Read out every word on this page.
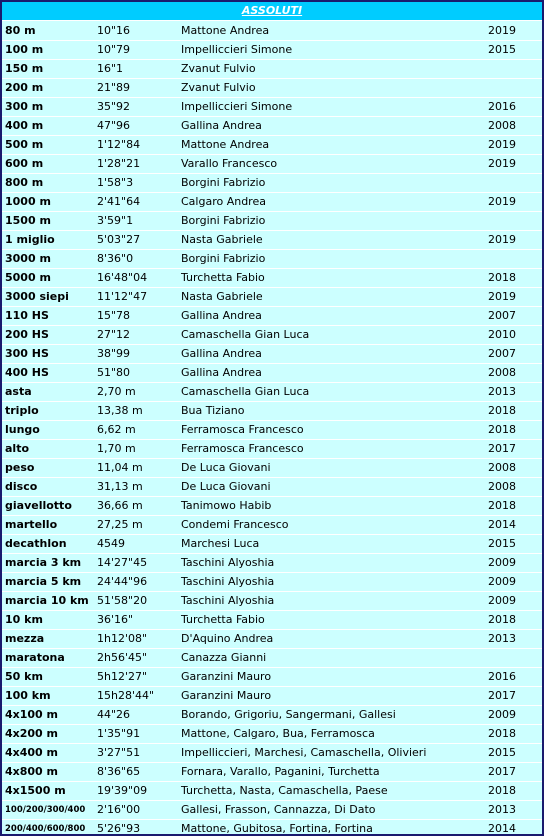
ASSOLUTI
80 m	10"16	Mattone Andrea	2019
100 m	10"79	Impelliccieri Simone	2015
150 m	16"1	Zvanut Fulvio	
200 m	21"89	Zvanut Fulvio	
300 m	35"92	Impelliccieri Simone	2016
400 m	47"96	Gallina Andrea	2008
500 m	1'12"84	Mattone Andrea	2019
600 m	1'28"21	Varallo Francesco	2019
800 m	1'58"3	Borgini Fabrizio	
1000 m	2'41"64	Calgaro Andrea	2019
1500 m	3'59"1	Borgini Fabrizio	
1 miglio	5'03"27	Nasta Gabriele	2019
3000 m	8'36"0	Borgini Fabrizio	
5000 m	16'48"04	Turchetta Fabio	2018
3000 siepi	11'12"47	Nasta Gabriele	2019
110 HS	15"78	Gallina Andrea	2007
200 HS	27"12	Camaschella Gian Luca	2010
300 HS	38"99	Gallina Andrea	2007
400 HS	51"80	Gallina Andrea	2008
asta	2,70 m	Camaschella Gian Luca	2013
triplo	13,38 m	Bua Tiziano	2018
lungo	6,62 m	Ferramosca Francesco	2018
alto	1,70 m	Ferramosca Francesco	2017
peso	11,04 m	De Luca Giovani	2008
disco	31,13 m	De Luca Giovani	2008
giavellotto	36,66 m	Tanimowo Habib	2018
martello	27,25 m	Condemi Francesco	2014
decathlon	4549	Marchesi Luca	2015
marcia 3 km	14'27"45	Taschini Alyoshia	2009
marcia 5 km	24'44"96	Taschini Alyoshia	2009
marcia 10 km	51'58"20	Taschini Alyoshia	2009
10 km	36'16"	Turchetta Fabio	2018
mezza	1h12'08"	D'Aquino Andrea	2013
maratona	2h56'45"	Canazza Gianni	
50 km	5h12'27"	Garanzini Mauro	2016
100 km	15h28'44"	Garanzini Mauro	2017
4x100 m	44"26	Borando, Grigoriu, Sangermani, Gallesi	2009
4x200 m	1'35"91	Mattone, Calgaro, Bua, Ferramosca	2018
4x400 m	3'27"51	Impelliccieri, Marchesi, Camaschella, Olivieri	2015
4x800 m	8'36"65	Fornara, Varallo, Paganini, Turchetta	2017
4x1500 m	19'39"09	Turchetta, Nasta, Camaschella, Paese	2018
100/200/300/400	2'16"00	Gallesi, Frasson, Cannazza, Di Dato	2013
200/400/600/800	5'26"93	Mattone, Gubitosa, Fortina, Fortina	2014
